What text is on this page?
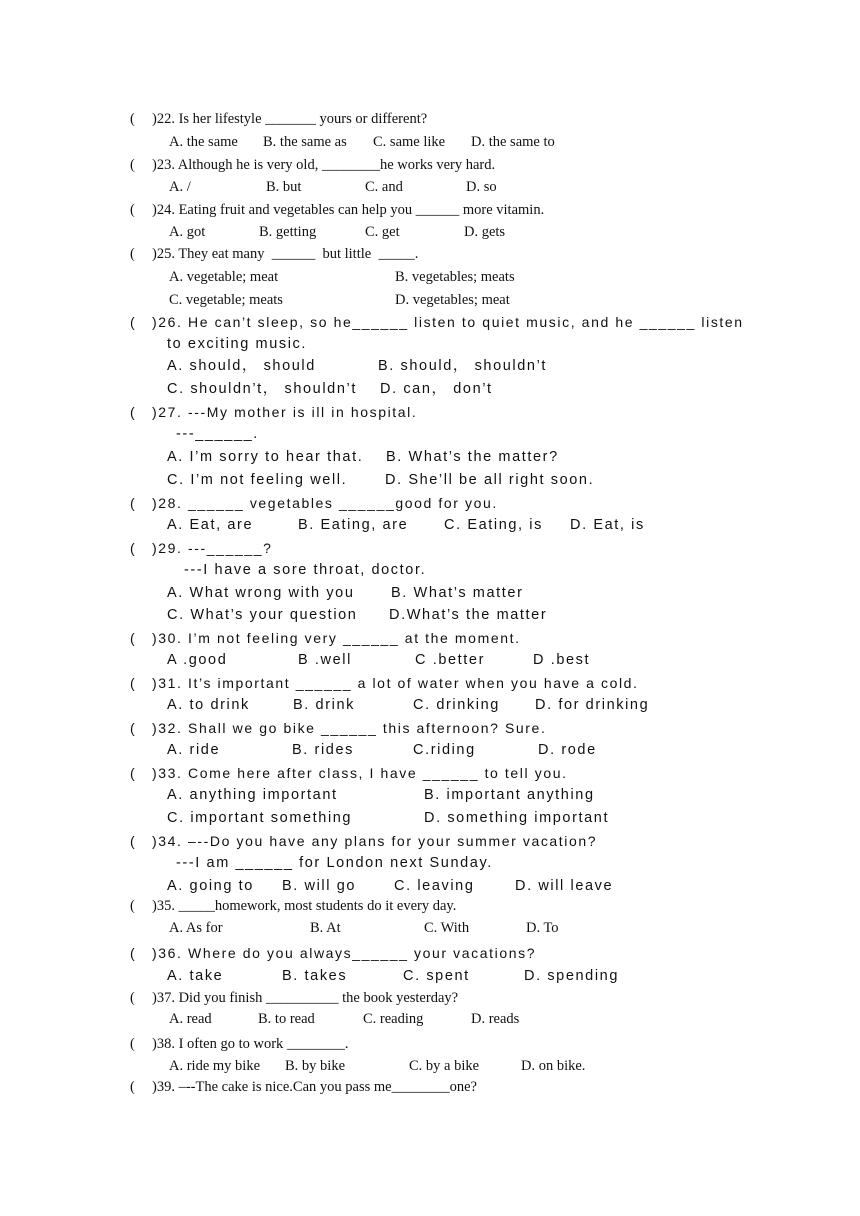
( )22. Is her lifestyle _______ yours or different?
A. the same B. the same as C. same like D. the same to
( )23. Although he is very old, ________he works very hard.
A. /	B. but	C. and	D. so
( )24. Eating fruit and vegetables can help you ______ more vitamin.
A. got	B. getting	C. get	D. gets
( )25. They eat many  ______  but little  _____.
A. vegetable; meat	B. vegetables; meats
C. vegetable; meats	D. vegetables; meat
( )26. He can’t sleep, so he______ listen to quiet music, and he ______ listen
to exciting music.
A. should， should	B. should， shouldn’t
C. shouldn’t， shouldn’t D. can， don’t
( )27. ---My mother is ill in hospital.
---______.
A. I’m sorry to hear that. B. What’s the matter?
C. I’m not feeling well.	D. She’ll be all right soon.
( )28. ______ vegetables ______good for you.
A. Eat, are	B. Eating, are C. Eating, is D. Eat, is
( )29. ---______?
---I have a sore throat, doctor.
A. What wrong with you	B. What’s matter
C. What’s your question D.What’s the matter
( )30. I’m not feeling very ______ at the moment.
A .good	B .well	C .better	D .best
( )31. It’s important ______ a lot of water when you have a cold.
A. to drink	B. drink	C. drinking D. for drinking
( )32. Shall we go bike ______ this afternoon? Sure.
A. ride	B. rides	C.riding	D. rode
( )33. Come here after class, I have ______ to tell you.
A. anything important	B. important anything
C. important something	D. something important
( )34. –--Do you have any plans for your summer vacation?
---I am ______ for London next Sunday.
A. going to B. will go	C. leaving	D. will leave
( )35. _____homework, most students do it every day.
A. As for	B. At	C. With	D. To
( )36. Where do you always______ your vacations?
A. take	B. takes	C. spent	D. spending
( )37. Did you finish __________ the book yesterday?
A. read	B. to read	C. reading	D. reads
( )38. I often go to work ________.
A. ride my bike B. by bike	C. by a bike	D. on bike.
( )39. –--The cake is nice.Can you pass me________one?
